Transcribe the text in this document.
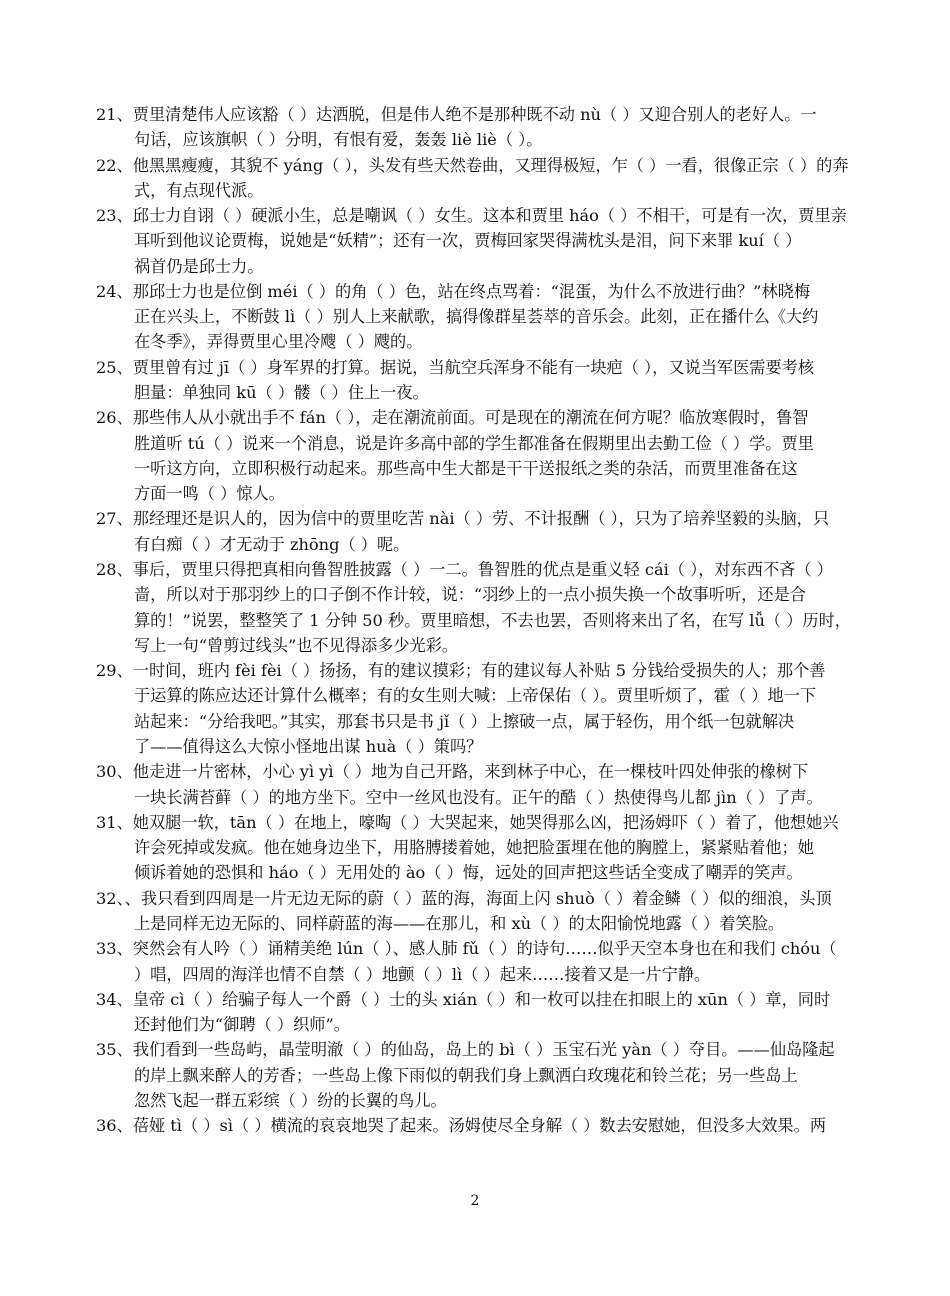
21、贾里清楚伟人应该豁（ ）达洒脱，但是伟人绝不是那种既不动 nù（ ）又迎合别人的老好人。一
句话，应该旗帜（ ）分明，有恨有爱，轰轰 liè liè（ ）。
22、他黑黑瘦瘦，其貌不 yáng（ ），头发有些天然卷曲，又理得极短，乍（ ）一看，很像正宗（ ）的奔
式，有点现代派。
23、邱士力自诩（ ）硬派小生，总是嘲讽（ ）女生。这本和贾里 háo（ ）不相干，可是有一次，贾里亲
耳听到他议论贾梅，说她是“妖精”；还有一次，贾梅回家哭得满枕头是泪，问下来罪 kuí（ ）
祸首仍是邱士力。
24、那邱士力也是位倒 méi（ ）的角（ ）色，站在终点骂着：“混蛋，为什么不放进行曲？”林晓梅
正在兴头上，不断鼓 lì（ ）别人上来献歌，搞得像群星荟萃的音乐会。此刻，正在播什么《大约
在冬季》，弄得贾里心里冷飕（ ）飕的。
25、贾里曾有过 jī（ ）身军界的打算。据说，当航空兵浑身不能有一块疤（ ），又说当军医需要考核
胆量：单独同 kū（ ）髅（ ）住上一夜。
26、那些伟人从小就出手不 fán（ ），走在潮流前面。可是现在的潮流在何方呢？临放寒假时，鲁智
胜道听 tú（ ）说来一个消息，说是许多高中部的学生都准备在假期里出去勤工俭（ ）学。贾里
一听这方向，立即积极行动起来。那些高中生大都是干干送报纸之类的杂活，而贾里准备在这
方面一鸣（ ）惊人。
27、那经理还是识人的，因为信中的贾里吃苦 nài（ ）劳、不计报酬（ ），只为了培养坚毅的头脑，只
有白痴（ ）才无动于 zhōng（ ）呢。
28、事后，贾里只得把真相向鲁智胜披露（ ）一二。鲁智胜的优点是重义轻 cái（ ），对东西不吝（ ）
啬，所以对于那羽纱上的口子倒不作计较，说：“羽纱上的一点小损失换一个故事听听，还是合
算的！”说罢，整整笑了 1 分钟 50 秒。贾里暗想，不去也罢，否则将来出了名，在写 lǚ（ ）历时，
写上一句“曾剪过线头”也不见得添多少光彩。
29、一时间，班内 fèi fèi（ ）扬扬，有的建议摸彩；有的建议每人补贴 5 分钱给受损失的人；那个善
于运算的陈应达还计算什么概率；有的女生则大喊：上帝保佑（ ）。贾里听烦了，霍（ ）地一下
站起来：“分给我吧。”其实，那套书只是书 jǐ（ ）上擦破一点，属于轻伤，用个纸一包就解决
了——值得这么大惊小怪地出谋 huà（ ）策吗？
30、他走进一片密林，小心 yì yì（ ）地为自己开路，来到林子中心，在一棵枝叶四处伸张的橡树下
一块长满苔藓（ ）的地方坐下。空中一丝风也没有。正午的酷（ ）热使得鸟儿都 jìn（ ）了声。
31、她双腿一软，tān（ ）在地上，嚎啕（ ）大哭起来，她哭得那么凶，把汤姆吓（ ）着了，他想她兴
许会死掉或发疯。他在她身边坐下，用胳膊搂着她，她把脸蛋埋在他的胸膛上，紧紧贴着他；她
倾诉着她的恐惧和 háo（ ）无用处的 ào（ ）悔，远处的回声把这些话全变成了嘲弄的笑声。
32、、我只看到四周是一片无边无际的蔚（ ）蓝的海，海面上闪 shuò（ ）着金鳞（ ）似的细浪，头顶
上是同样无边无际的、同样蔚蓝的海——在那儿，和 xù（ ）的太阳愉悦地露（ ）着笑脸。
33、突然会有人吟（ ）诵精美绝 lún（ ）、感人肺 fǔ（ ）的诗句……似乎天空本身也在和我们 chóu（
）唱，四周的海洋也情不自禁（ ）地颤（ ）lì（ ）起来……接着又是一片宁静。
34、皇帝 cì（ ）给骗子每人一个爵（ ）士的头 xián（ ）和一枚可以挂在扣眼上的 xūn（ ）章，同时
还封他们为“御聘（ ）织师”。
35、我们看到一些岛屿，晶莹明澈（ ）的仙岛，岛上的 bì（ ）玉宝石光 yàn（ ）夺目。——仙岛隆起
的岸上飘来醉人的芳香；一些岛上像下雨似的朝我们身上飘洒白玫瑰花和铃兰花；另一些岛上
忽然飞起一群五彩缤（ ）纷的长翼的鸟儿。
36、蓓娅 tì（ ）sì（ ）横流的哀哀地哭了起来。汤姆使尽全身解（ ）数去安慰她，但没多大效果。两
2
